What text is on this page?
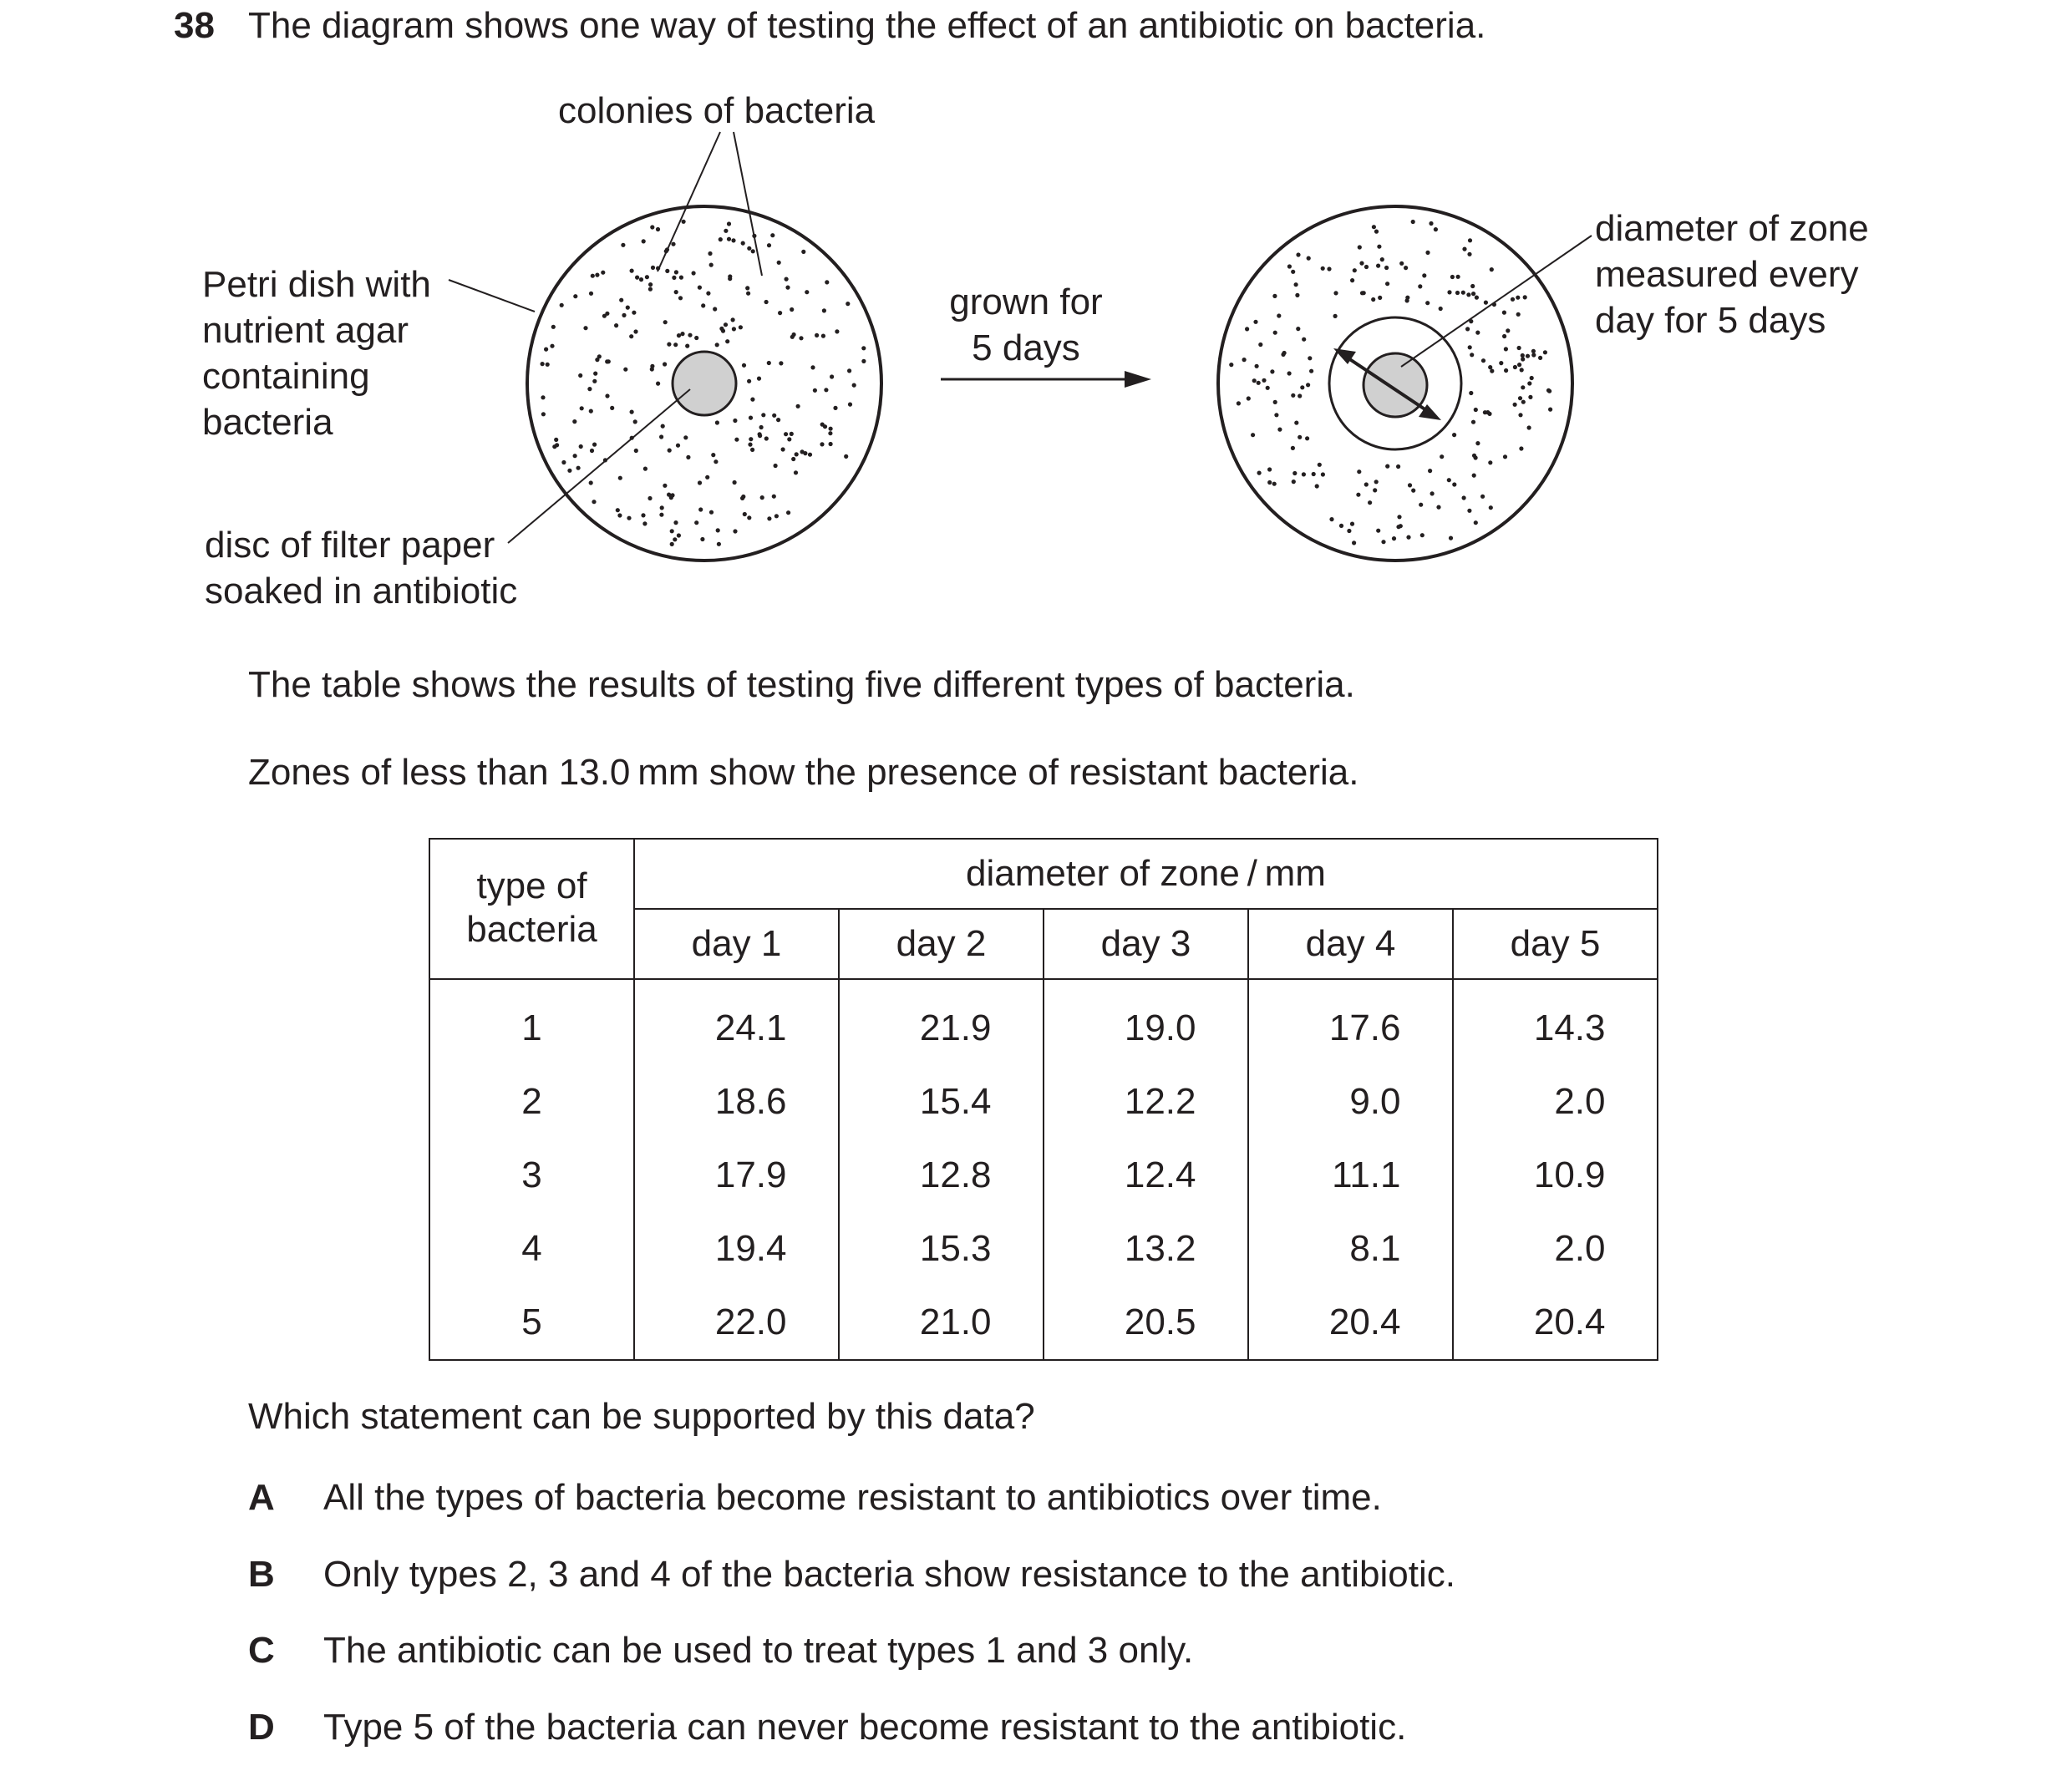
38 The diagram shows one way of testing the effect of an antibiotic on bacteria.
colonies of bacteria
Petri dish with
nutrient agar
containing
bacteria
disc of filter paper
soaked in antibiotic
grown for
5 days
diameter of zone
measured every
day for 5 days
The table shows the results of testing five different types of bacteria.
Zones of less than 13.0 mm show the presence of resistant bacteria.
type of
bacteria	diameter of zone / mm				
	day 1	day 2	day 3	day 4	day 5
1	24.1	21.9	19.0	17.6	14.3
2	18.6	15.4	12.2	9.0	2.0
3	17.9	12.8	12.4	11.1	10.9
4	19.4	15.3	13.2	8.1	2.0
5	22.0	21.0	20.5	20.4	20.4
Which statement can be supported by this data?
A All the types of bacteria become resistant to antibiotics over time.
B Only types 2, 3 and 4 of the bacteria show resistance to the antibiotic.
C The antibiotic can be used to treat types 1 and 3 only.
D Type 5 of the bacteria can never become resistant to the antibiotic.
